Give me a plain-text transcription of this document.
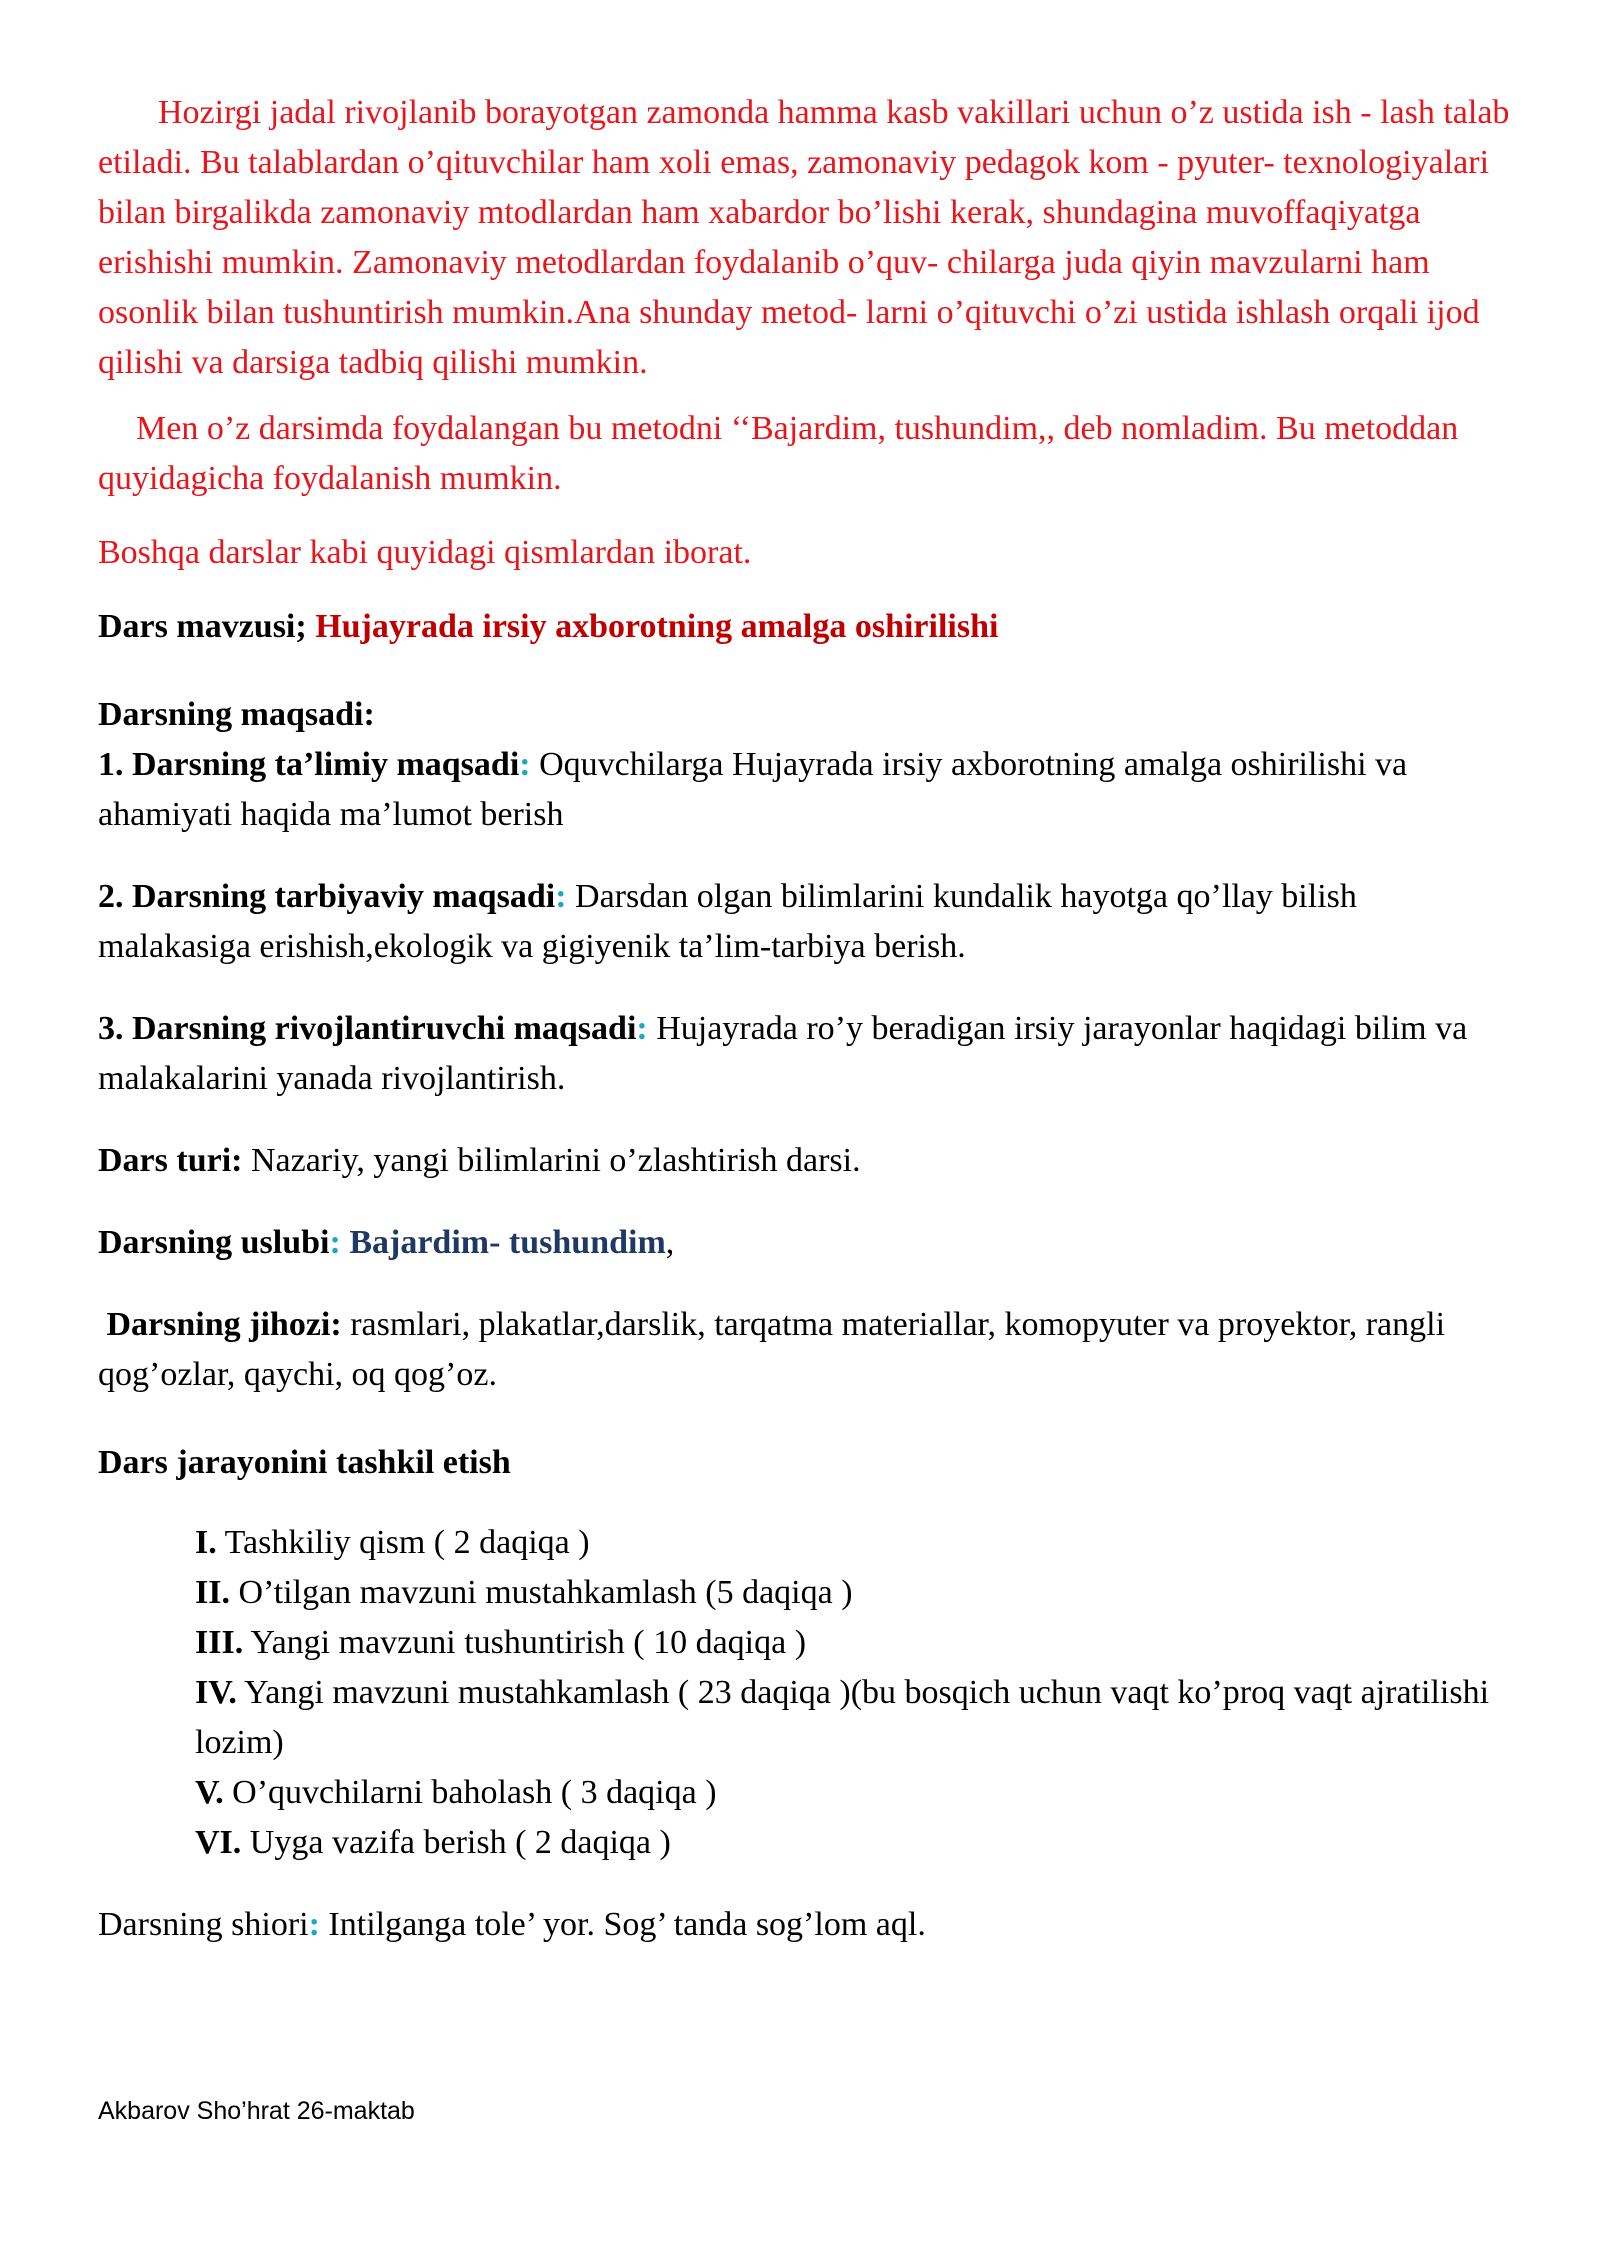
Hozirgi jadal rivojlanib borayotgan zamonda hamma kasb vakillari uchun o’z ustida ish - lash talab etiladi. Bu talablardan o’qituvchilar ham xoli emas, zamonaviy pedagok kom - pyuter- texnologiyalari bilan birgalikda zamonaviy mtodlardan ham xabardor bo’lishi kerak, shundagina muvoffaqiyatga erishishi mumkin. Zamonaviy metodlardan foydalanib o’quv- chilarga juda qiyin mavzularni ham osonlik bilan tushuntirish mumkin.Ana shunday metod- larni o’qituvchi o’zi ustida ishlash orqali ijod qilishi va darsiga tadbiq qilishi mumkin.

Men o’z darsimda foydalangan bu metodni ‘‘Bajardim, tushundim,, deb nomladim. Bu metoddan quyidagicha foydalanish mumkin.

Boshqa darslar kabi quyidagi qismlardan iborat.

Dars mavzusi; Hujayrada irsiy axborotning amalga oshirilishi

Darsning maqsadi:

1. Darsning ta’limiy maqsadi: Oquvchilarga Hujayrada irsiy axborotning amalga oshirilishi va ahamiyati haqida ma’lumot berish

2. Darsning tarbiyaviy maqsadi: Darsdan olgan bilimlarini kundalik hayotga qo’llay bilish malakasiga erishish,ekologik va gigiyenik ta’lim-tarbiya berish.

3. Darsning rivojlantiruvchi maqsadi: Hujayrada ro’y beradigan irsiy jarayonlar haqidagi bilim va malakalarini yanada rivojlantirish.

Dars turi: Nazariy, yangi bilimlarini o’zlashtirish darsi.

Darsning uslubi: Bajardim- tushundim,

Darsning jihozi: rasmlari, plakatlar,darslik, tarqatma materiallar, komopyuter va proyektor, rangli qog’ozlar, qaychi, oq qog’oz.

Dars jarayonini tashkil etish

I. Tashkiliy qism ( 2 daqiqa )
II. O’tilgan mavzuni mustahkamlash (5 daqiqa )
III. Yangi mavzuni tushuntirish ( 10 daqiqa )
IV. Yangi mavzuni mustahkamlash ( 23 daqiqa )(bu bosqich uchun vaqt ko’proq vaqt ajratilishi lozim)
V. O’quvchilarni baholash ( 3 daqiqa )
VI. Uyga vazifa berish ( 2 daqiqa )

Darsning shiori: Intilganga tole’ yor. Sog’ tanda sog’lom aql.

Akbarov Sho’hrat 26-maktab
